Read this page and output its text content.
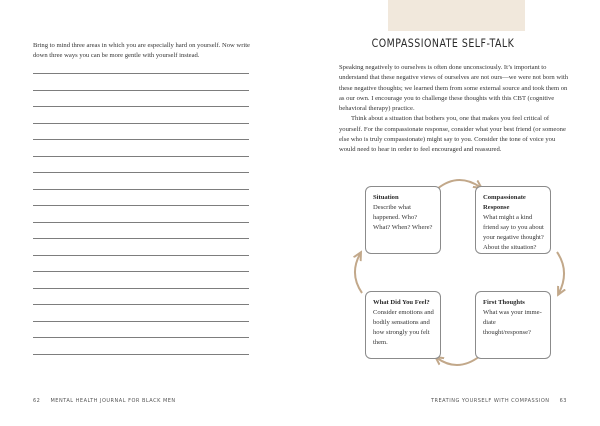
Bring to mind three areas in which you are especially hard on yourself. Now write down three ways you can be more gentle with yourself instead.

62 MENTAL HEALTH JOURNAL FOR BLACK MEN
COMPASSIONATE SELF-TALK

Speaking negatively to ourselves is often done unconsciously. It’s important to understand that these negative views of ourselves are not ours—we were not born with these negative thoughts; we learned them from some external source and took them on as our own. I encourage you to challenge these thoughts with this CBT (cognitive behavioral therapy) practice.

Think about a situation that bothers you, one that makes you feel critical of yourself. For the compassionate response, consider what your best friend (or someone else who is truly compassionate) might say to you. Consider the tone of voice you would need to hear in order to feel encouraged and reassured.

Situation
Describe what happened. Who? What? When? Where?
Compassionate Response
What might a kind friend say to you about your negative thought? About the situation?
What Did You Feel?
Consider emotions and bodily sensations and how strongly you felt them.
First Thoughts
What was your imme-diate thought/response?
TREATING YOURSELF WITH COMPASSION 63
